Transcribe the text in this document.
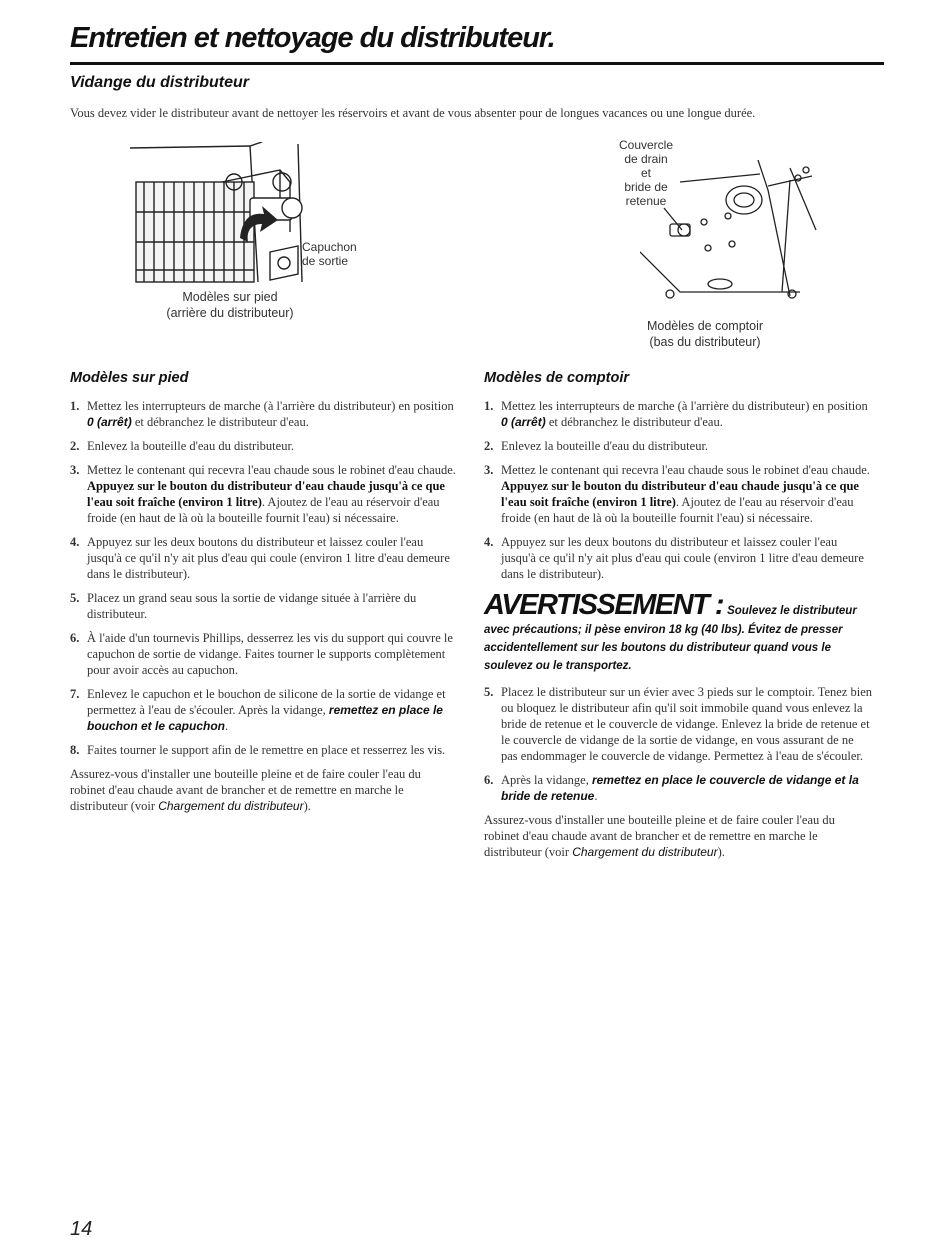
Entretien et nettoyage du distributeur.
Vidange du distributeur

Vous devez vider le distributeur avant de nettoyer les réservoirs et avant de vous absenter pour de longues vacances ou une longue durée.

Capuchon
de sortie
Modèles sur pied
(arrière du distributeur)
Couvercle
de drain et
bride de
retenue
Modèles de comptoir
(bas du distributeur)
Modèles sur pied
1. Mettez les interrupteurs de marche (à l'arrière du distributeur) en position 0 (arrêt) et débranchez le distributeur d'eau.
2. Enlevez la bouteille d'eau du distributeur.
3. Mettez le contenant qui recevra l'eau chaude sous le robinet d'eau chaude. Appuyez sur le bouton du distributeur d'eau chaude jusqu'à ce que l'eau soit fraîche (environ 1 litre). Ajoutez de l'eau au réservoir d'eau froide (en haut de là où la bouteille fournit l'eau) si nécessaire.
4. Appuyez sur les deux boutons du distributeur et laissez couler l'eau jusqu'à ce qu'il n'y ait plus d'eau qui coule (environ 1 litre d'eau demeure dans le distributeur).
5. Placez un grand seau sous la sortie de vidange située à l'arrière du distributeur.
6. À l'aide d'un tournevis Phillips, desserrez les vis du support qui couvre le capuchon de sortie de vidange. Faites tourner le supports complètement pour avoir accès au capuchon.
7. Enlevez le capuchon et le bouchon de silicone de la sortie de vidange et permettez à l'eau de s'écouler. Après la vidange, remettez en place le bouchon et le capuchon.
8. Faites tourner le support afin de le remettre en place et resserrez les vis.

Assurez-vous d'installer une bouteille pleine et de faire couler l'eau du robinet d'eau chaude avant de brancher et de remettre en marche le distributeur (voir Chargement du distributeur).

Modèles de comptoir
1. Mettez les interrupteurs de marche (à l'arrière du distributeur) en position 0 (arrêt) et débranchez le distributeur d'eau.
2. Enlevez la bouteille d'eau du distributeur.
3. Mettez le contenant qui recevra l'eau chaude sous le robinet d'eau chaude. Appuyez sur le bouton du distributeur d'eau chaude jusqu'à ce que l'eau soit fraîche (environ 1 litre). Ajoutez de l'eau au réservoir d'eau froide (en haut de là où la bouteille fournit l'eau) si nécessaire.
4. Appuyez sur les deux boutons du distributeur et laissez couler l'eau jusqu'à ce qu'il n'y ait plus d'eau qui coule (environ 1 litre d'eau demeure dans le distributeur).
AVERTISSEMENT : Soulevez le distributeur avec précautions; il pèse environ 18 kg (40 lbs). Évitez de presser accidentellement sur les boutons du distributeur quand vous le soulevez ou le transportez.
5. Placez le distributeur sur un évier avec 3 pieds sur le comptoir. Tenez bien ou bloquez le distributeur afin qu'il soit immobile quand vous enlevez la bride de retenue et le couvercle de vidange. Enlevez la bride de retenue et le couvercle de vidange de la sortie de vidange, en vous assurant de ne pas endommager le couvercle de vidange. Permettez à l'eau de s'écouler.
6. Après la vidange, remettez en place le couvercle de vidange et la bride de retenue.

Assurez-vous d'installer une bouteille pleine et de faire couler l'eau du robinet d'eau chaude avant de brancher et de remettre en marche le distributeur (voir Chargement du distributeur).

14
